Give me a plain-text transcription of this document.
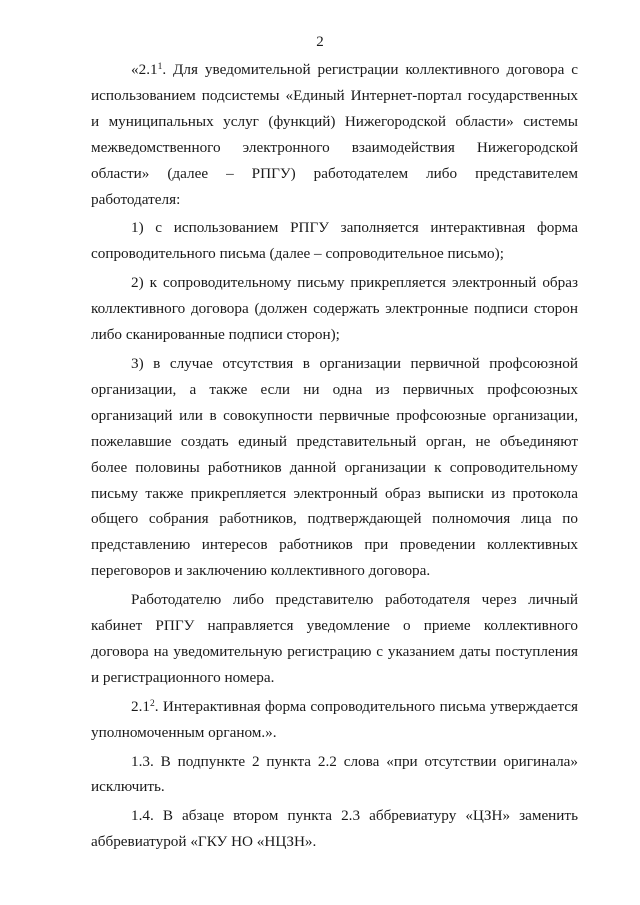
2

«$2.1^1$. Для уведомительной регистрации коллективного договора с использованием подсистемы «Единый Интернет-портал государственных и муниципальных услуг (функций) Нижегородской области» системы межведомственного электронного взаимодействия Нижегородской области» (далее – РПГУ) работодателем либо представителем работодателя:

1) с использованием РПГУ заполняется интерактивная форма сопроводительного письма (далее – сопроводительное письмо);

2) к сопроводительному письму прикрепляется электронный образ коллективного договора (должен содержать электронные подписи сторон либо сканированные подписи сторон);

3) в случае отсутствия в организации первичной профсоюзной организации, а также если ни одна из первичных профсоюзных организаций или в совокупности первичные профсоюзные организации, пожелавшие создать единый представительный орган, не объединяют более половины работников данной организации к сопроводительному письму также прикрепляется электронный образ выписки из протокола общего собрания работников, подтверждающей полномочия лица по представлению интересов работников при проведении коллективных переговоров и заключению коллективного договора.

Работодателю либо представителю работодателя через личный кабинет РПГУ направляется уведомление о приеме коллективного договора на уведомительную регистрацию с указанием даты поступления и регистрационного номера.

$2.1^2$. Интерактивная форма сопроводительного письма утверждается уполномоченным органом.».

1.3. В подпункте 2 пункта 2.2 слова «при отсутствии оригинала» исключить.

1.4. В абзаце втором пункта 2.3 аббревиатуру «ЦЗН» заменить аббревиатурой «ГКУ НО «НЦЗН».
